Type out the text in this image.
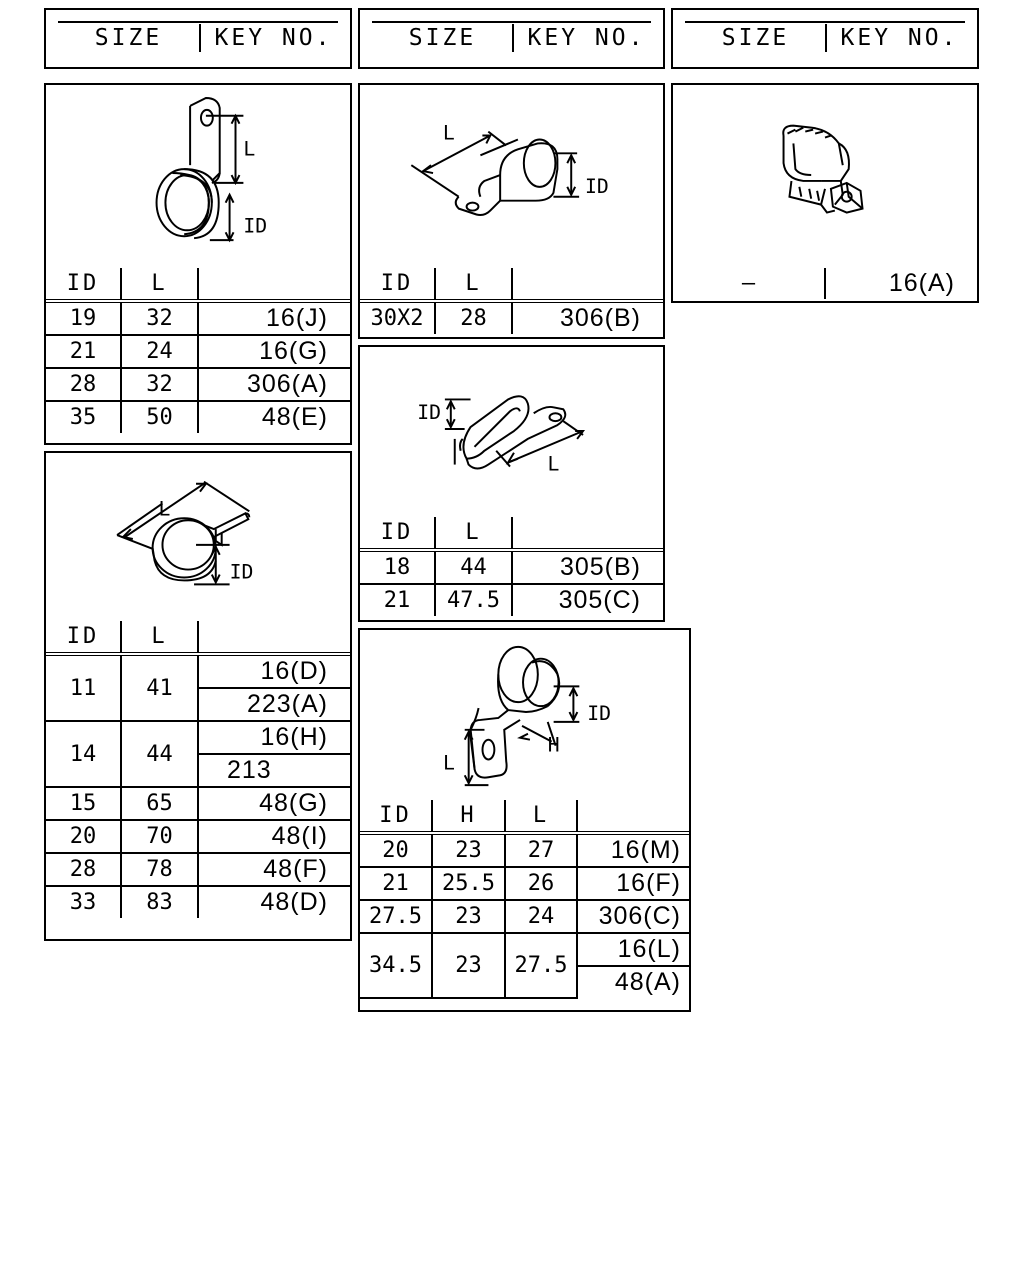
SIZE	KEY NO.	SIZE	KEY NO.	SIZE	KEY NO.
L
ID
ID	L	
19	32	16(J)
21	24	16(G)
28	32	306(A)
35	50	48(E)
L
ID
ID	L	
11	41	16(D)
		223(A)
14	44	16(H)
		213
15	65	48(G)
20	70	48(I)
28	78	48(F)
33	83	48(D)
L
ID
ID	L	
30X2	28	306(B)
ID
L
ID	L	
18	44	305(B)
21	47.5	305(C)
ID
H
L
ID	H	L	
20	23	27	16(M)
21	25.5	26	16(F)
27.5	23	24	306(C)
34.5	23	27.5	16(L)
			48(A)
—	16(A)
